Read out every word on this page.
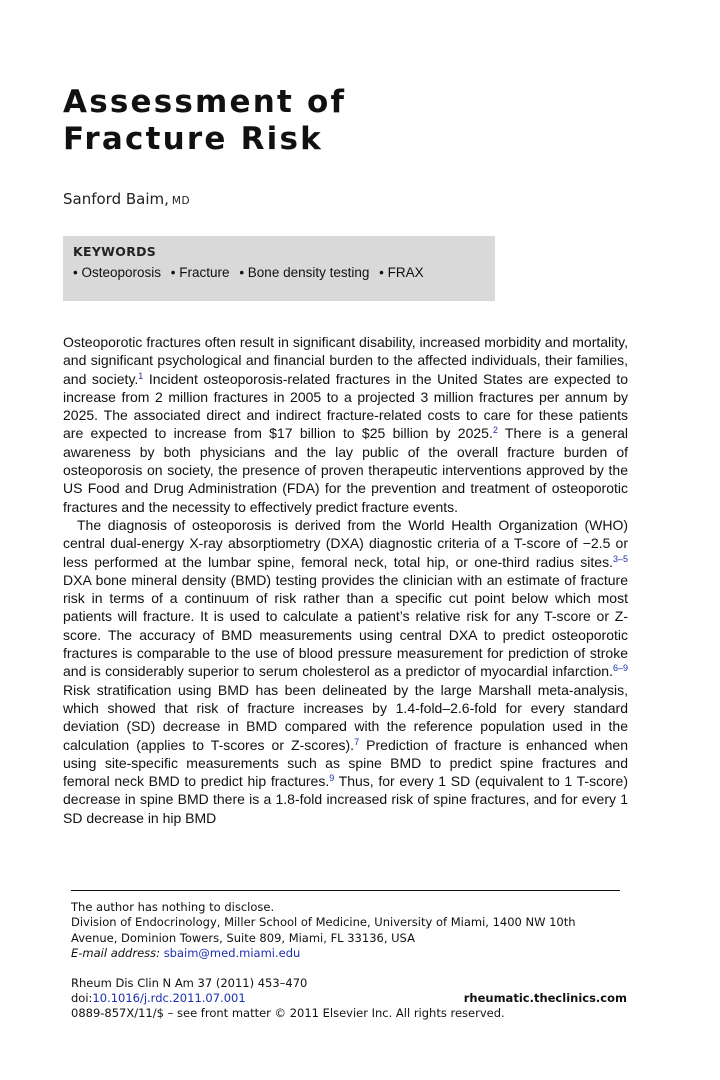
Assessment of
Fracture Risk
Sanford Baim, MD
KEYWORDS
• Osteoporosis • Fracture • Bone density testing • FRAX

Osteoporotic fractures often result in significant disability, increased morbidity and mortality, and significant psychological and financial burden to the affected individuals, their families, and society.$^1$ Incident osteoporosis-related fractures in the United States are expected to increase from 2 million fractures in 2005 to a projected 3 million fractures per annum by 2025. The associated direct and indirect fracture-related costs to care for these patients are expected to increase from $17 billion to $25 billion by 2025.$^2$ There is a general awareness by both physicians and the lay public of the overall fracture burden of osteoporosis on society, the presence of proven therapeutic interventions approved by the US Food and Drug Administration (FDA) for the prevention and treatment of osteoporotic fractures and the necessity to effectively predict fracture events.

The diagnosis of osteoporosis is derived from the World Health Organization (WHO) central dual-energy X-ray absorptiometry (DXA) diagnostic criteria of a T-score of −2.5 or less performed at the lumbar spine, femoral neck, total hip, or one-third radius sites.$^{3-5}$ DXA bone mineral density (BMD) testing provides the clinician with an estimate of fracture risk in terms of a continuum of risk rather than a specific cut point below which most patients will fracture. It is used to calculate a patient’s relative risk for any T-score or Z-score. The accuracy of BMD measurements using central DXA to predict osteoporotic fractures is comparable to the use of blood pressure measurement for prediction of stroke and is considerably superior to serum cholesterol as a predictor of myocardial infarction.$^{6-9}$ Risk stratification using BMD has been delineated by the large Marshall meta-analysis, which showed that risk of fracture increases by 1.4-fold–2.6-fold for every standard deviation (SD) decrease in BMD compared with the reference population used in the calculation (applies to T-scores or Z-scores).$^7$ Prediction of fracture is enhanced when using site-specific measurements such as spine BMD to predict spine fractures and femoral neck BMD to predict hip fractures.$^9$ Thus, for every 1 SD (equivalent to 1 T-score) decrease in spine BMD there is a 1.8-fold increased risk of spine fractures, and for every 1 SD decrease in hip BMD

The author has nothing to disclose.
Division of Endocrinology, Miller School of Medicine, University of Miami, 1400 NW 10th Avenue, Dominion Towers, Suite 809, Miami, FL 33136, USA
E-mail address: sbaim@med.miami.edu
Rheum Dis Clin N Am 37 (2011) 453–470
doi:10.1016/j.rdc.2011.07.001	rheumatic.theclinics.com
0889-857X/11/$ – see front matter © 2011 Elsevier Inc. All rights reserved.
